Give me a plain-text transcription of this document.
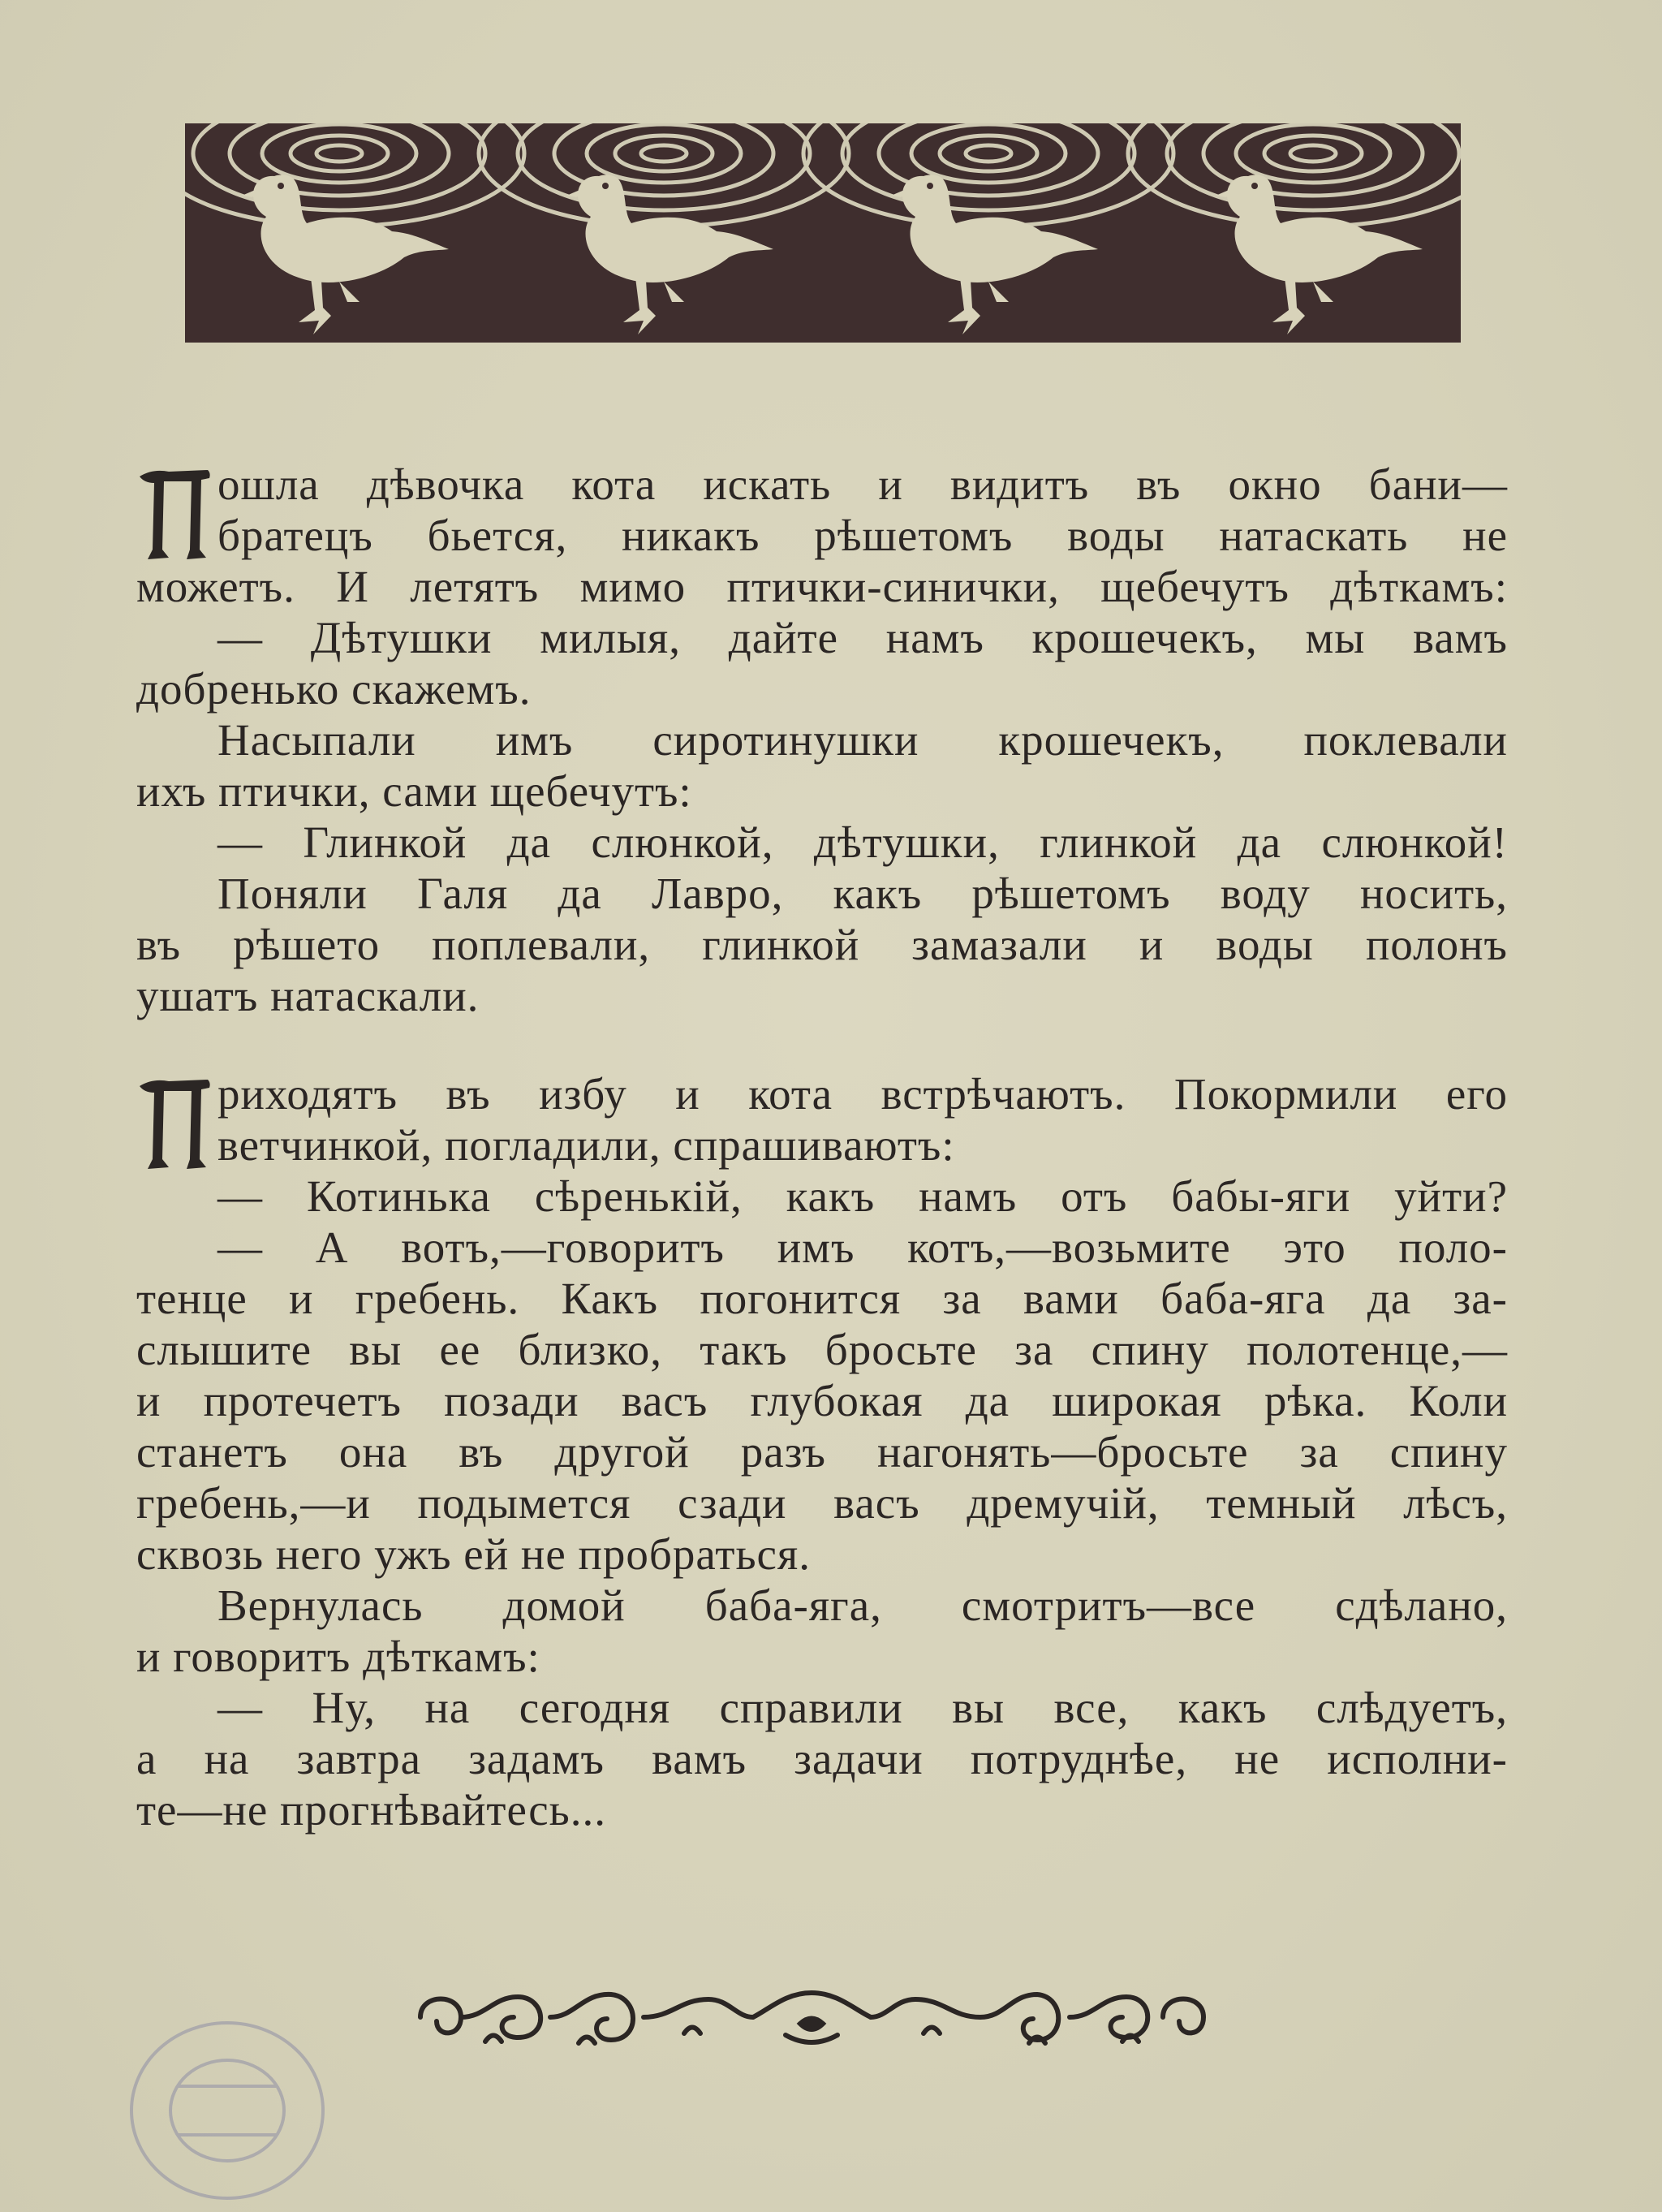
ошла дѣвочка кота искать и видитъ въ окно бани—
братецъ бьется, никакъ рѣшетомъ воды натаскать не
можетъ. И летятъ мимо птички-синички, щебечутъ дѣткамъ:
— Дѣтушки милыя, дайте намъ крошечекъ, мы вамъ
добренько скажемъ.
Насыпали имъ сиротинушки крошечекъ, поклевали
ихъ птички, сами щебечутъ:
— Глинкой да слюнкой, дѣтушки, глинкой да слюнкой!
Поняли Галя да Лавро, какъ рѣшетомъ воду носить,
въ рѣшето поплевали, глинкой замазали и воды полонъ
ушатъ натаскали.
риходятъ въ избу и кота встрѣчаютъ. Покормили его
ветчинкой, погладили, спрашиваютъ:
— Котинька сѣренькій, какъ намъ отъ бабы-яги уйти?
— А вотъ,—говоритъ имъ котъ,—возьмите это поло-
тенце и гребень. Какъ погонится за вами баба-яга да за-
слышите вы ее близко, такъ бросьте за спину полотенце,—
и протечетъ позади васъ глубокая да широкая рѣка. Коли
станетъ она въ другой разъ нагонять—бросьте за спину
гребень,—и подымется сзади васъ дремучій, темный лѣсъ,
сквозь него ужъ ей не пробраться.
Вернулась домой баба-яга, смотритъ—все сдѣлано,
и говоритъ дѣткамъ:
— Ну, на сегодня справили вы все, какъ слѣдуетъ,
а на завтра задамъ вамъ задачи потруднѣе, не исполни-
те—не прогнѣвайтесь...
